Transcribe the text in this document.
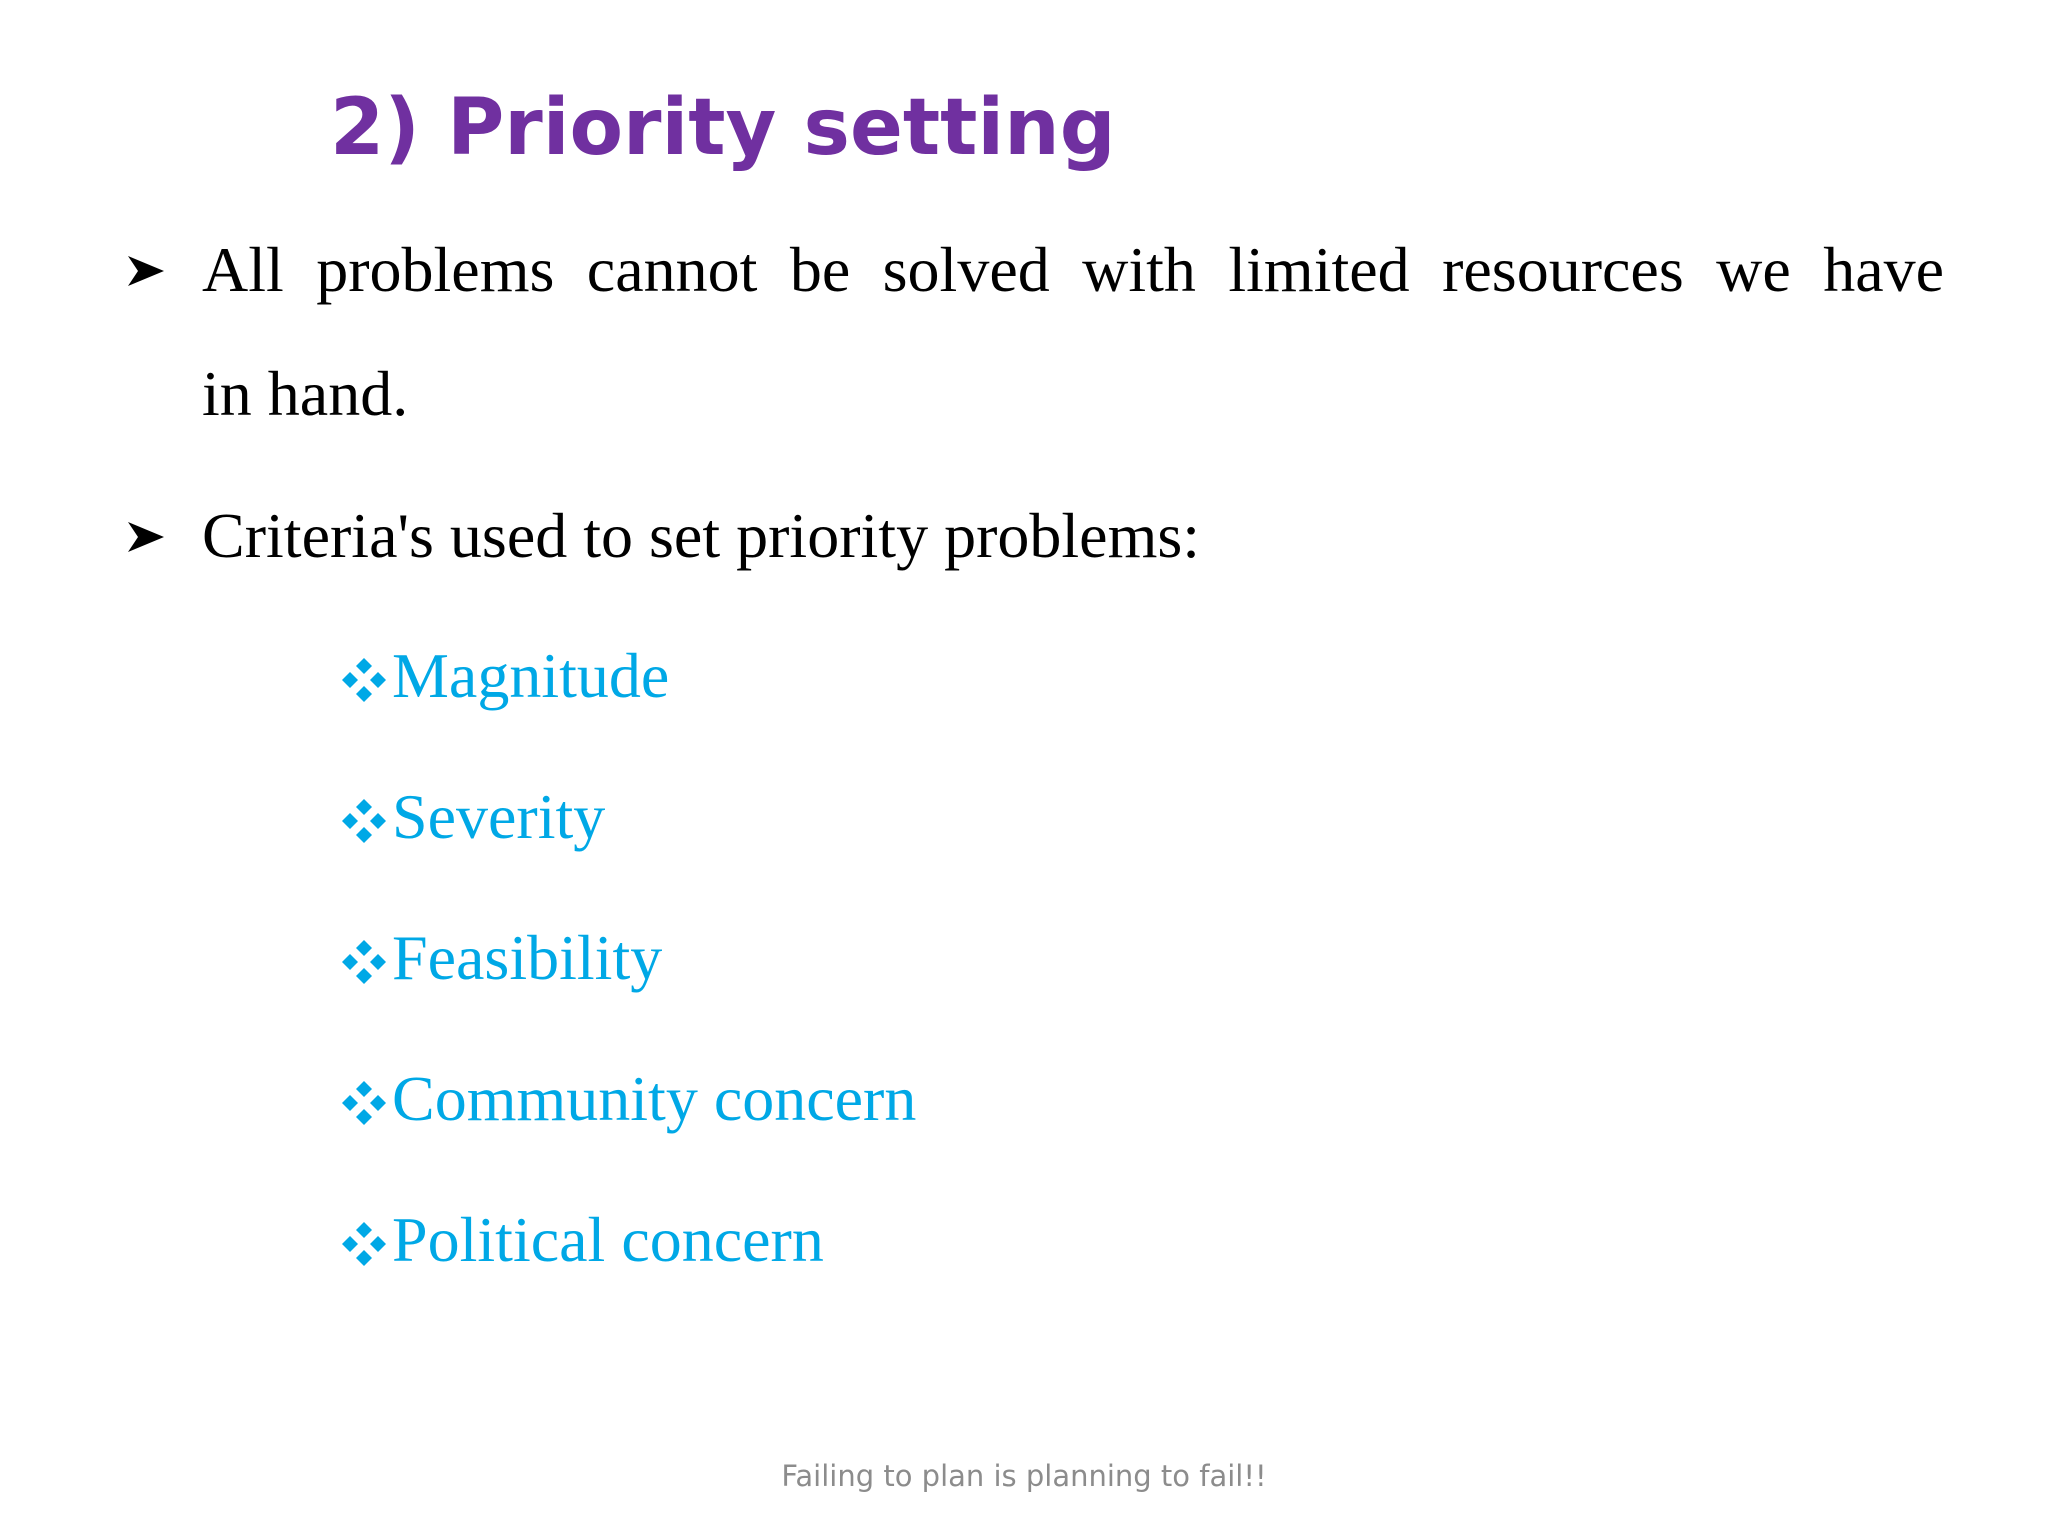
2) Priority setting
All problems cannot be solved with limited resources we have
in hand.
Criteria's used to set priority problems:
Magnitude
Severity
Feasibility
Community concern
Political concern
Failing to plan is planning to fail!!
